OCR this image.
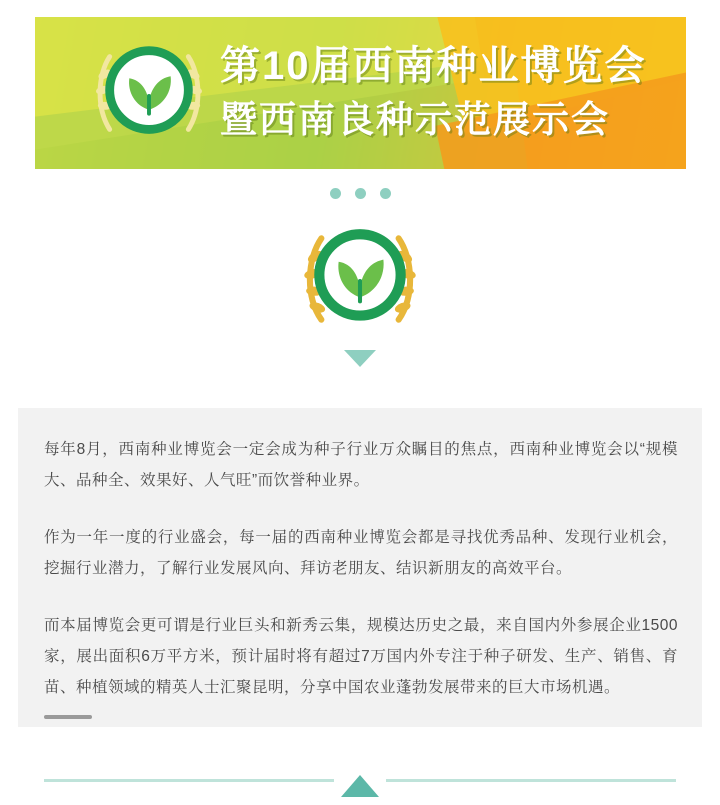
第10届西南种业博览会
暨西南良种示范展示会

每年8月，西南种业博览会一定会成为种子行业万众瞩目的焦点，西南种业博览会以“规模大、品种全、效果好、人气旺”而饮誉种业界。

作为一年一度的行业盛会，每一届的西南种业博览会都是寻找优秀品种、发现行业机会，挖掘行业潜力，了解行业发展风向、拜访老朋友、结识新朋友的高效平台。

而本届博览会更可谓是行业巨头和新秀云集，规模达历史之最，来自国内外参展企业1500家，展出面积6万平方米，预计届时将有超过7万国内外专注于种子研发、生产、销售、育苗、种植领域的精英人士汇聚昆明，分享中国农业蓬勃发展带来的巨大市场机遇。
